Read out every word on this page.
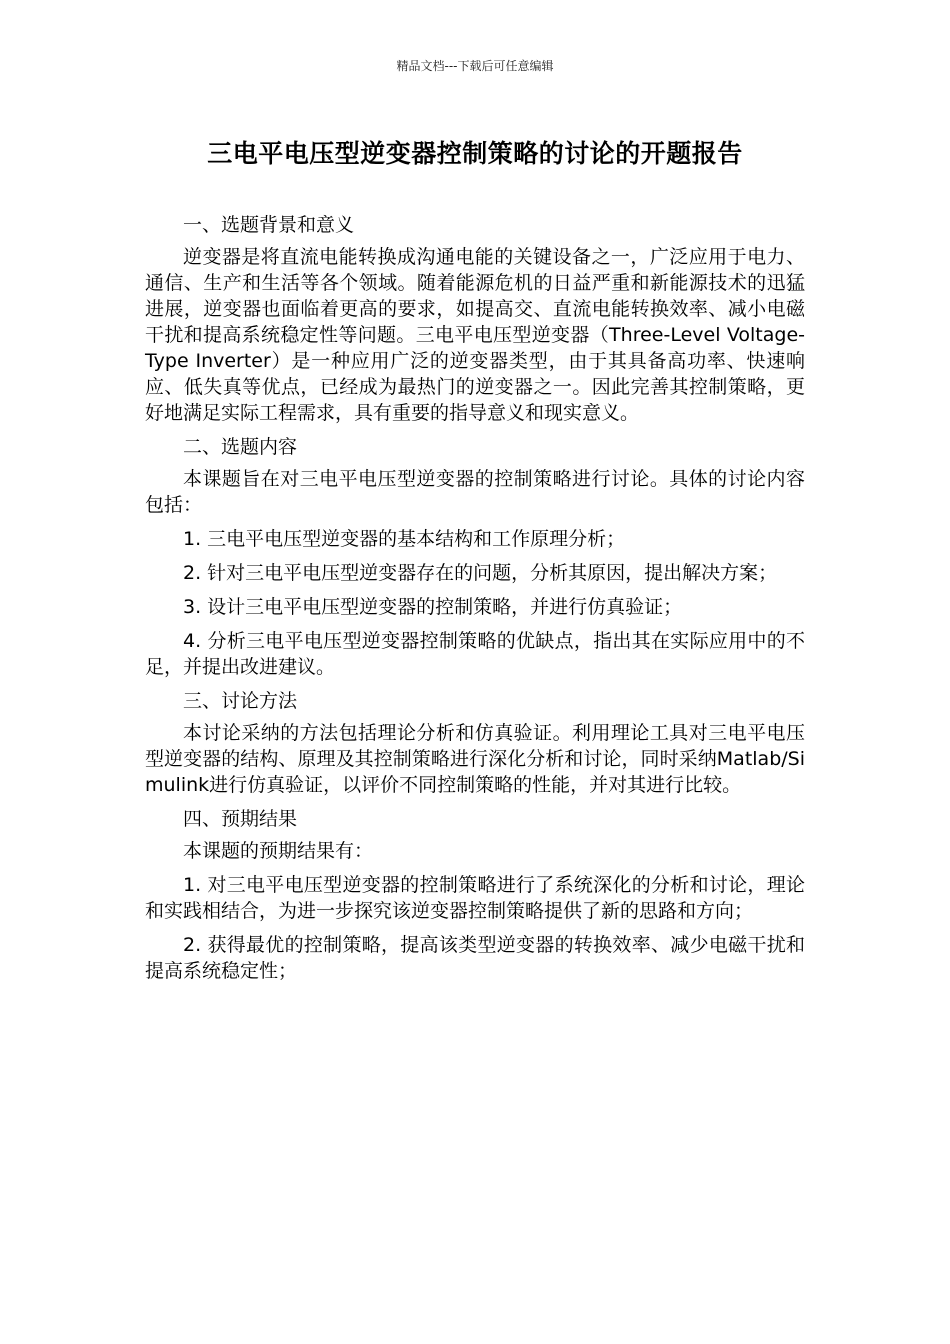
精品文档---下载后可任意编辑
三电平电压型逆变器控制策略的讨论的开题报告

一、选题背景和意义

逆变器是将直流电能转换成沟通电能的关键设备之一，广泛应用于电力、通信、生产和生活等各个领域。随着能源危机的日益严重和新能源技术的迅猛进展，逆变器也面临着更高的要求，如提高交、直流电能转换效率、减小电磁干扰和提高系统稳定性等问题。三电平电压型逆变器（Three-Level Voltage-Type Inverter）是一种应用广泛的逆变器类型，由于其具备高功率、快速响应、低失真等优点，已经成为最热门的逆变器之一。因此完善其控制策略，更好地满足实际工程需求，具有重要的指导意义和现实意义。

二、选题内容

本课题旨在对三电平电压型逆变器的控制策略进行讨论。具体的讨论内容包括：

1. 三电平电压型逆变器的基本结构和工作原理分析；

2. 针对三电平电压型逆变器存在的问题，分析其原因，提出解决方案；

3. 设计三电平电压型逆变器的控制策略，并进行仿真验证；

4. 分析三电平电压型逆变器控制策略的优缺点，指出其在实际应用中的不足，并提出改进建议。

三、讨论方法

本讨论采纳的方法包括理论分析和仿真验证。利用理论工具对三电平电压型逆变器的结构、原理及其控制策略进行深化分析和讨论，同时采纳Matlab/Simulink进行仿真验证，以评价不同控制策略的性能，并对其进行比较。

四、预期结果

本课题的预期结果有：

1. 对三电平电压型逆变器的控制策略进行了系统深化的分析和讨论，理论和实践相结合，为进一步探究该逆变器控制策略提供了新的思路和方向；

2. 获得最优的控制策略，提高该类型逆变器的转换效率、减少电磁干扰和提高系统稳定性；
